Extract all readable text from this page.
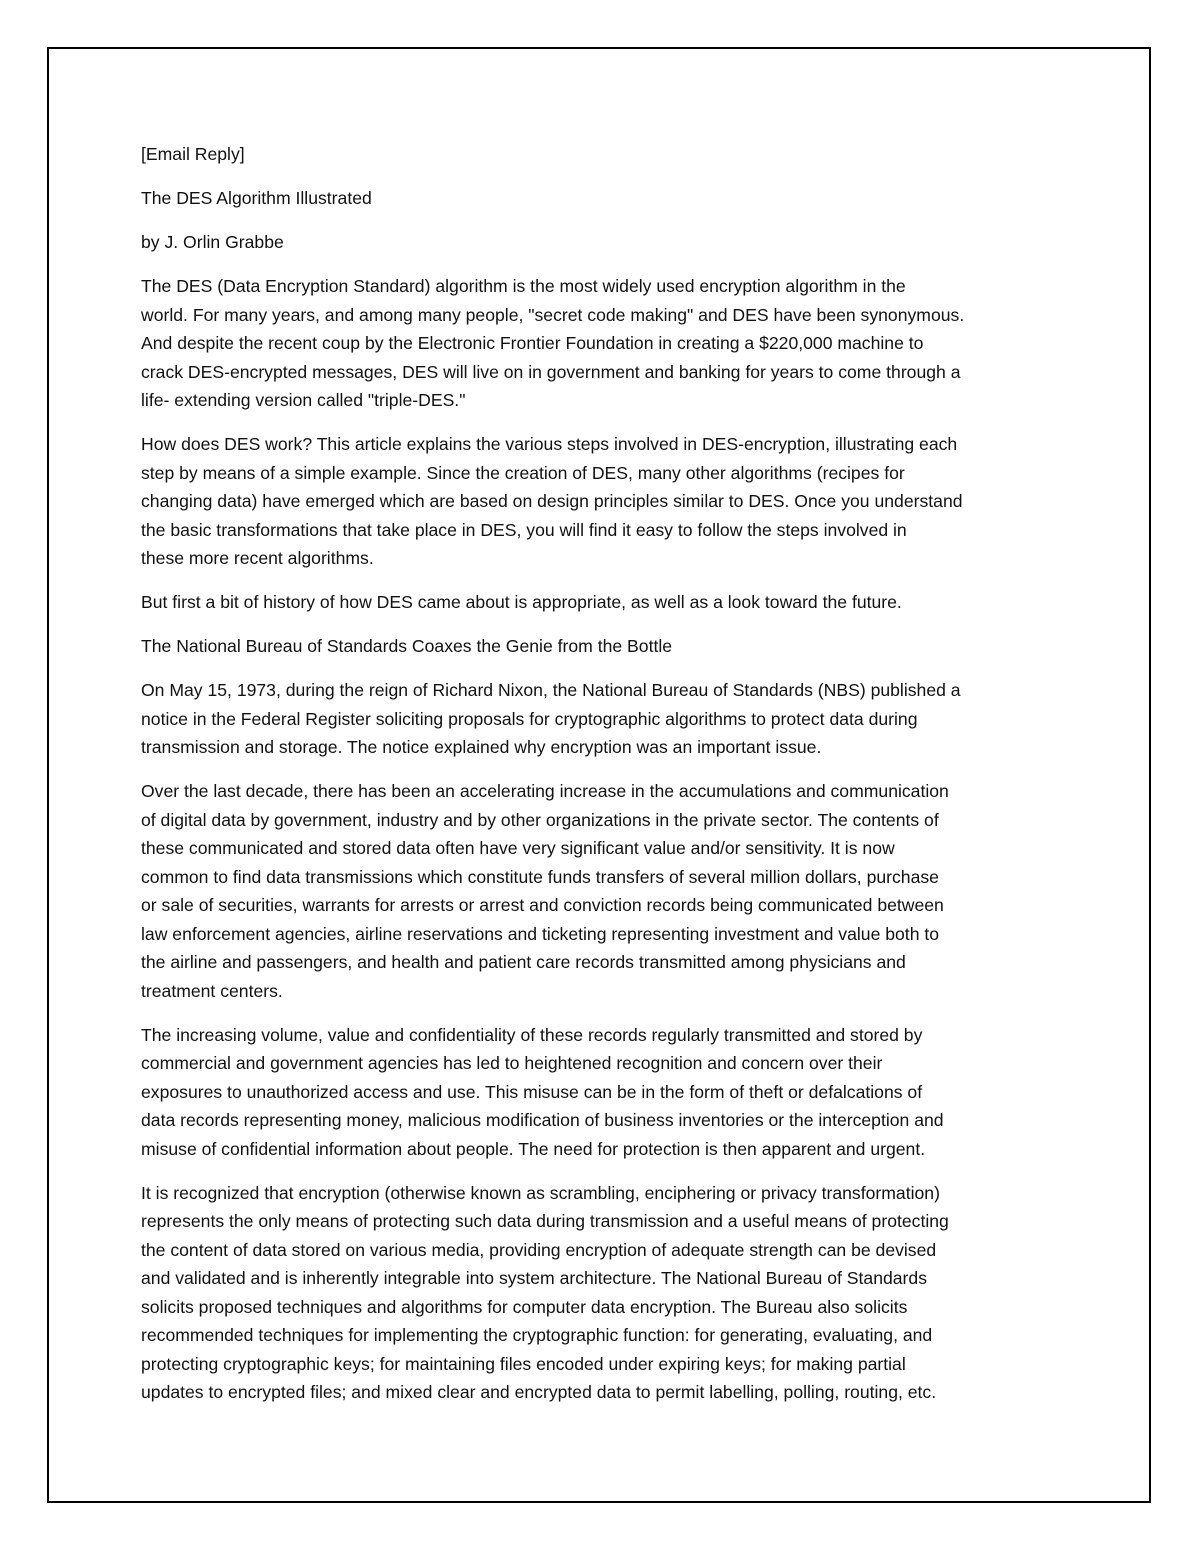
[Email Reply]
The DES Algorithm Illustrated
by J. Orlin Grabbe
The DES (Data Encryption Standard) algorithm is the most widely used encryption algorithm in the
world. For many years, and among many people, "secret code making" and DES have been synonymous.
And despite the recent coup by the Electronic Frontier Foundation in creating a $220,000 machine to
crack DES-encrypted messages, DES will live on in government and banking for years to come through a
life- extending version called "triple-DES."
How does DES work? This article explains the various steps involved in DES-encryption, illustrating each
step by means of a simple example. Since the creation of DES, many other algorithms (recipes for
changing data) have emerged which are based on design principles similar to DES. Once you understand
the basic transformations that take place in DES, you will find it easy to follow the steps involved in
these more recent algorithms.
But first a bit of history of how DES came about is appropriate, as well as a look toward the future.
The National Bureau of Standards Coaxes the Genie from the Bottle
On May 15, 1973, during the reign of Richard Nixon, the National Bureau of Standards (NBS) published a
notice in the Federal Register soliciting proposals for cryptographic algorithms to protect data during
transmission and storage. The notice explained why encryption was an important issue.
Over the last decade, there has been an accelerating increase in the accumulations and communication
of digital data by government, industry and by other organizations in the private sector. The contents of
these communicated and stored data often have very significant value and/or sensitivity. It is now
common to find data transmissions which constitute funds transfers of several million dollars, purchase
or sale of securities, warrants for arrests or arrest and conviction records being communicated between
law enforcement agencies, airline reservations and ticketing representing investment and value both to
the airline and passengers, and health and patient care records transmitted among physicians and
treatment centers.
The increasing volume, value and confidentiality of these records regularly transmitted and stored by
commercial and government agencies has led to heightened recognition and concern over their
exposures to unauthorized access and use. This misuse can be in the form of theft or defalcations of
data records representing money, malicious modification of business inventories or the interception and
misuse of confidential information about people. The need for protection is then apparent and urgent.
It is recognized that encryption (otherwise known as scrambling, enciphering or privacy transformation)
represents the only means of protecting such data during transmission and a useful means of protecting
the content of data stored on various media, providing encryption of adequate strength can be devised
and validated and is inherently integrable into system architecture. The National Bureau of Standards
solicits proposed techniques and algorithms for computer data encryption. The Bureau also solicits
recommended techniques for implementing the cryptographic function: for generating, evaluating, and
protecting cryptographic keys; for maintaining files encoded under expiring keys; for making partial
updates to encrypted files; and mixed clear and encrypted data to permit labelling, polling, routing, etc.
